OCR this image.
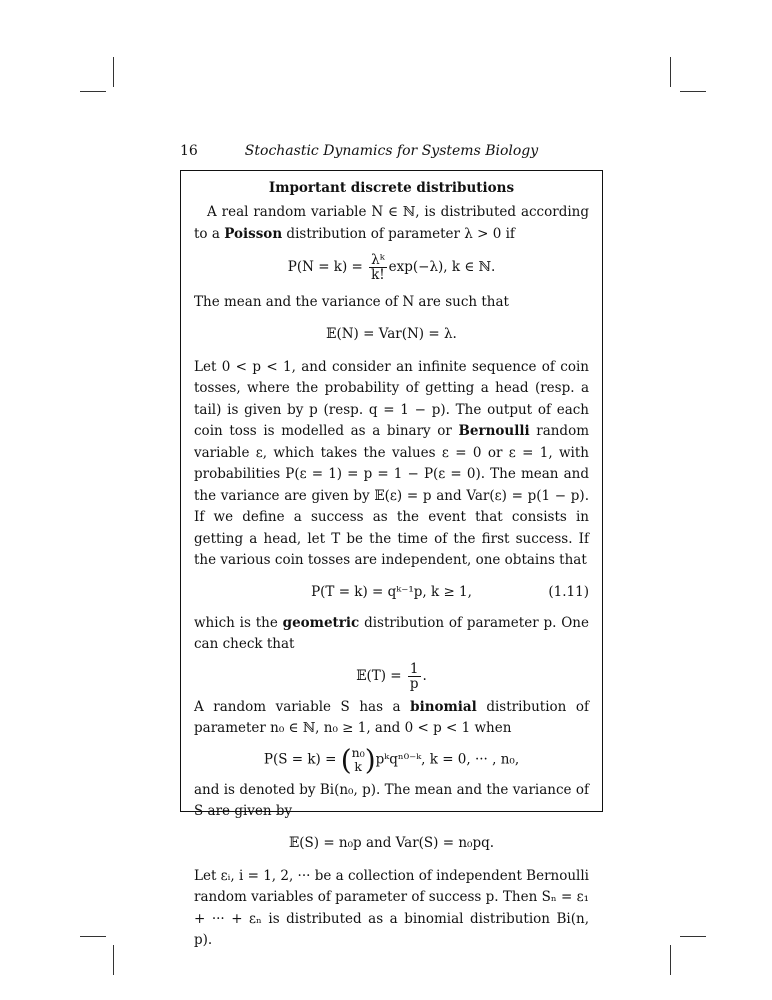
16	Stochastic Dynamics for Systems Biology
Important discrete distributions

A real random variable N ∈ ℕ, is distributed according to a Poisson distribution of parameter λ > 0 if

$P(N = k) = \frac{\text{λᵏ}}{k!} \exp(-\lambda)$, k ∈ ℕ.

The mean and the variance of N are such that

𝔼(N) = Var(N) = λ.

Let 0 < p < 1, and consider an infinite sequence of coin tosses, where the probability of getting a head (resp. a tail) is given by p (resp. q = 1 − p). The output of each coin toss is modelled as a binary or Bernoulli random variable ε, which takes the values ε = 0 or ε = 1, with probabilities P(ε = 1) = p = 1 − P(ε = 0). The mean and the variance are given by 𝔼(ε) = p and Var(ε) = p(1 − p). If we define a success as the event that consists in getting a head, let T be the time of the first success. If the various coin tosses are independent, one obtains that

P(T = k) = qᵏ⁻¹p, k ≥ 1,	(1.11)

which is the geometric distribution of parameter p. One can check that

𝔼(T) = $\frac{1}{p}$ .

A random variable S has a binomial distribution of parameter n₀ ∈ ℕ, n₀ ≥ 1, and 0 < p < 1 when

P(S = k) = ( n₀
k )pᵏqⁿ⁰⁻ᵏ, k = 0, ··· , n₀,

and is denoted by Bi(n₀, p). The mean and the variance of S are given by

𝔼(S) = n₀p and Var(S) = n₀pq.

Let εᵢ, i = 1, 2, ··· be a collection of independent Bernoulli random variables of parameter of success p. Then Sₙ = ε₁ + ··· + εₙ is distributed as a binomial distribution Bi(n, p).
